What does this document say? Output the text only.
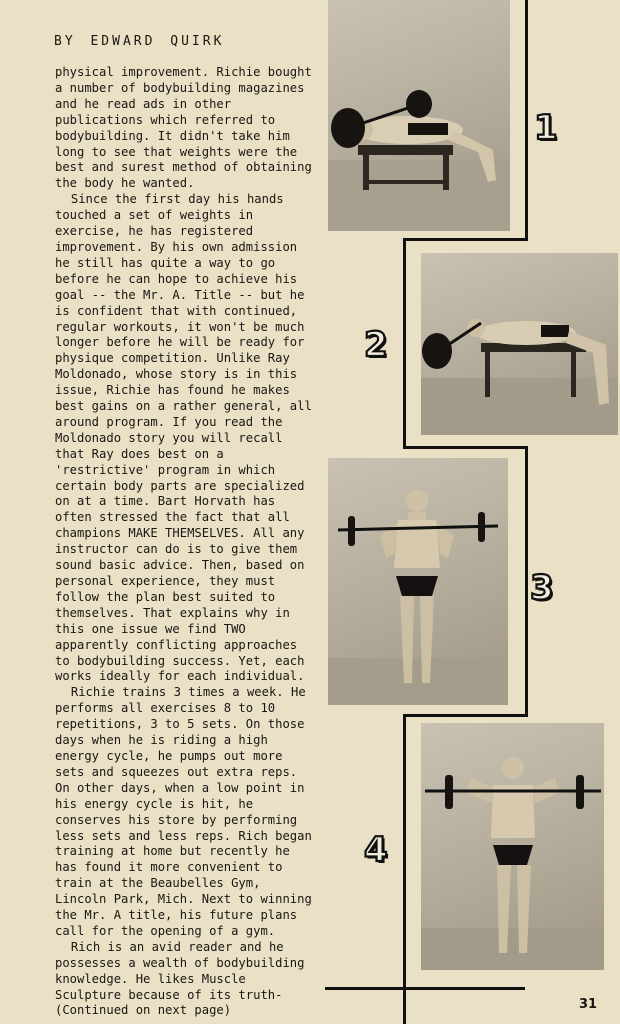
BY EDWARD QUIRK

physical improvement. Richie bought a number of bodybuilding magazines and he read ads in other publications which referred to bodybuilding. It didn't take him long to see that weights were the best and surest method of obtaining the body he wanted.

Since the first day his hands touched a set of weights in exercise, he has registered improvement. By his own admission he still has quite a way to go before he can hope to achieve his goal -- the Mr. A. Title -- but he is confident that with continued, regular workouts, it won't be much longer before he will be ready for physique competition. Unlike Ray Moldonado, whose story is in this issue, Richie has found he makes best gains on a rather general, all around program. If you read the Moldonado story you will recall that Ray does best on a 'restrictive' program in which certain body parts are specialized on at a time. Bart Horvath has often stressed the fact that all champions MAKE THEMSELVES. All any instructor can do is to give them sound basic advice. Then, based on personal experience, they must follow the plan best suited to themselves. That explains why in this one issue we find TWO apparently conflicting approaches to bodybuilding success. Yet, each works ideally for each individual.

Richie trains 3 times a week. He performs all exercises 8 to 10 repetitions, 3 to 5 sets. On those days when he is riding a high energy cycle, he pumps out more sets and squeezes out extra reps. On other days, when a low point in his energy cycle is hit, he conserves his store by performing less sets and less reps. Rich began training at home but recently he has found it more convenient to train at the Beaubelles Gym, Lincoln Park, Mich. Next to winning the Mr. A title, his future plans call for the opening of a gym.

Rich is an avid reader and he possesses a wealth of bodybuilding knowledge. He likes Muscle Sculpture because of its truth- (Continued on next page)

1
2
3
4
31
